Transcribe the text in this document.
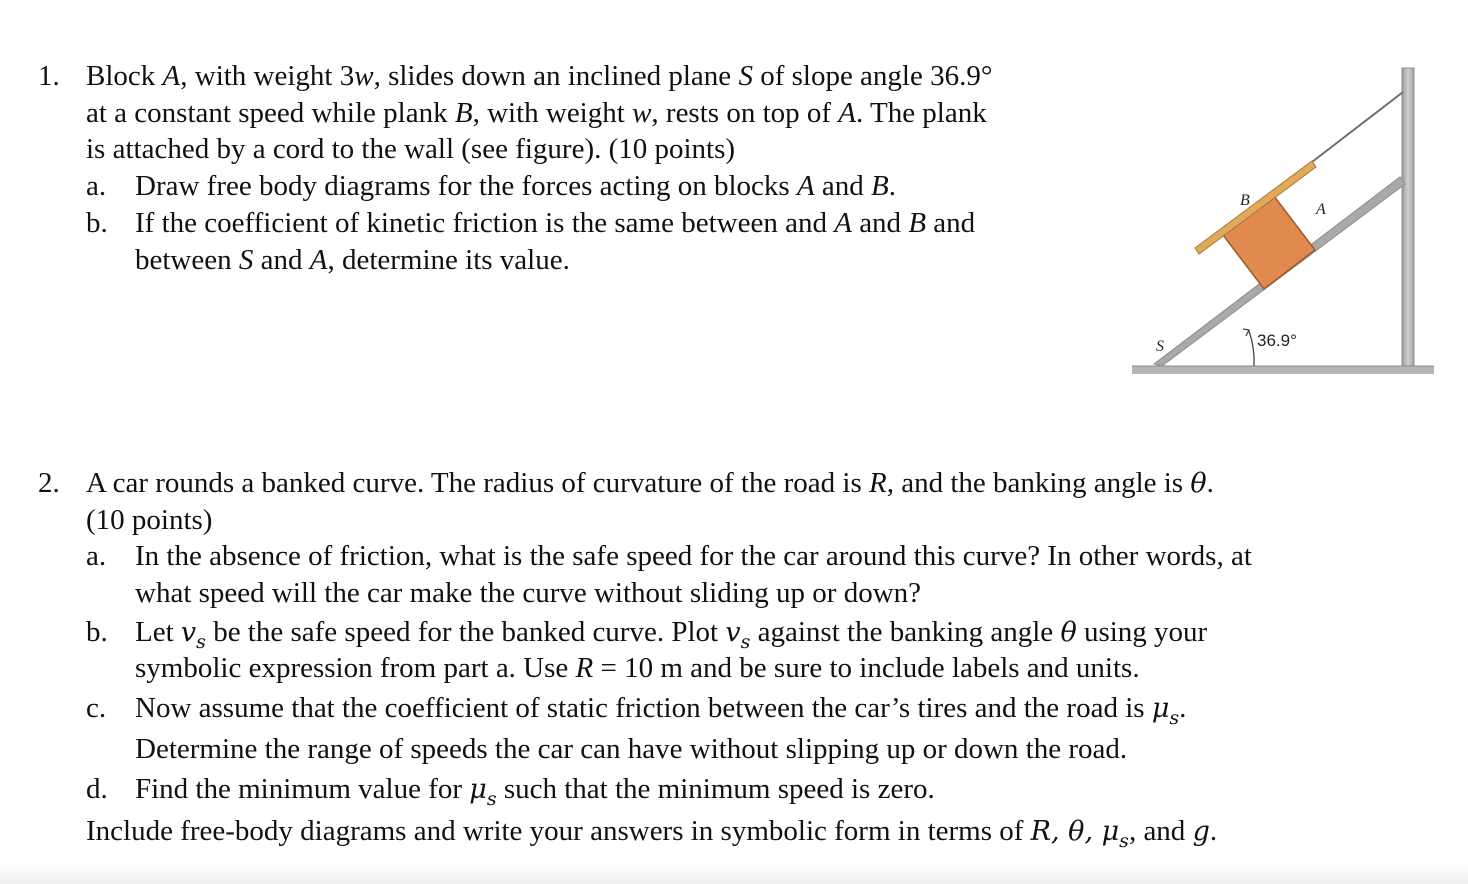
1. Block A, with weight 3w, slides down an inclined plane S of slope angle 36.9°
at a constant speed while plank B, with weight w, rests on top of A. The plank
is attached by a cord to the wall (see figure). (10 points)
a. Draw free body diagrams for the forces acting on blocks A and B.
b. If the coefficient of kinetic friction is the same between and A and B and
between S and A, determine its value.
B
A
S	36.9°
2. A car rounds a banked curve. The radius of curvature of the road is R, and the banking angle is θ.
(10 points)
a. In the absence of friction, what is the safe speed for the car around this curve? In other words, at
what speed will the car make the curve without sliding up or down?
b. Let $v_s$ be the safe speed for the banked curve. Plot $v_s$ against the banking angle θ using your
symbolic expression from part a. Use R = 10 m and be sure to include labels and units.
c. Now assume that the coefficient of static friction between the car’s tires and the road is $\mu_s$.
Determine the range of speeds the car can have without slipping up or down the road.
d. Find the minimum value for $\mu_s$ such that the minimum speed is zero.
Include free-body diagrams and write your answers in symbolic form in terms of R, θ, $\mu_s$, and g.
